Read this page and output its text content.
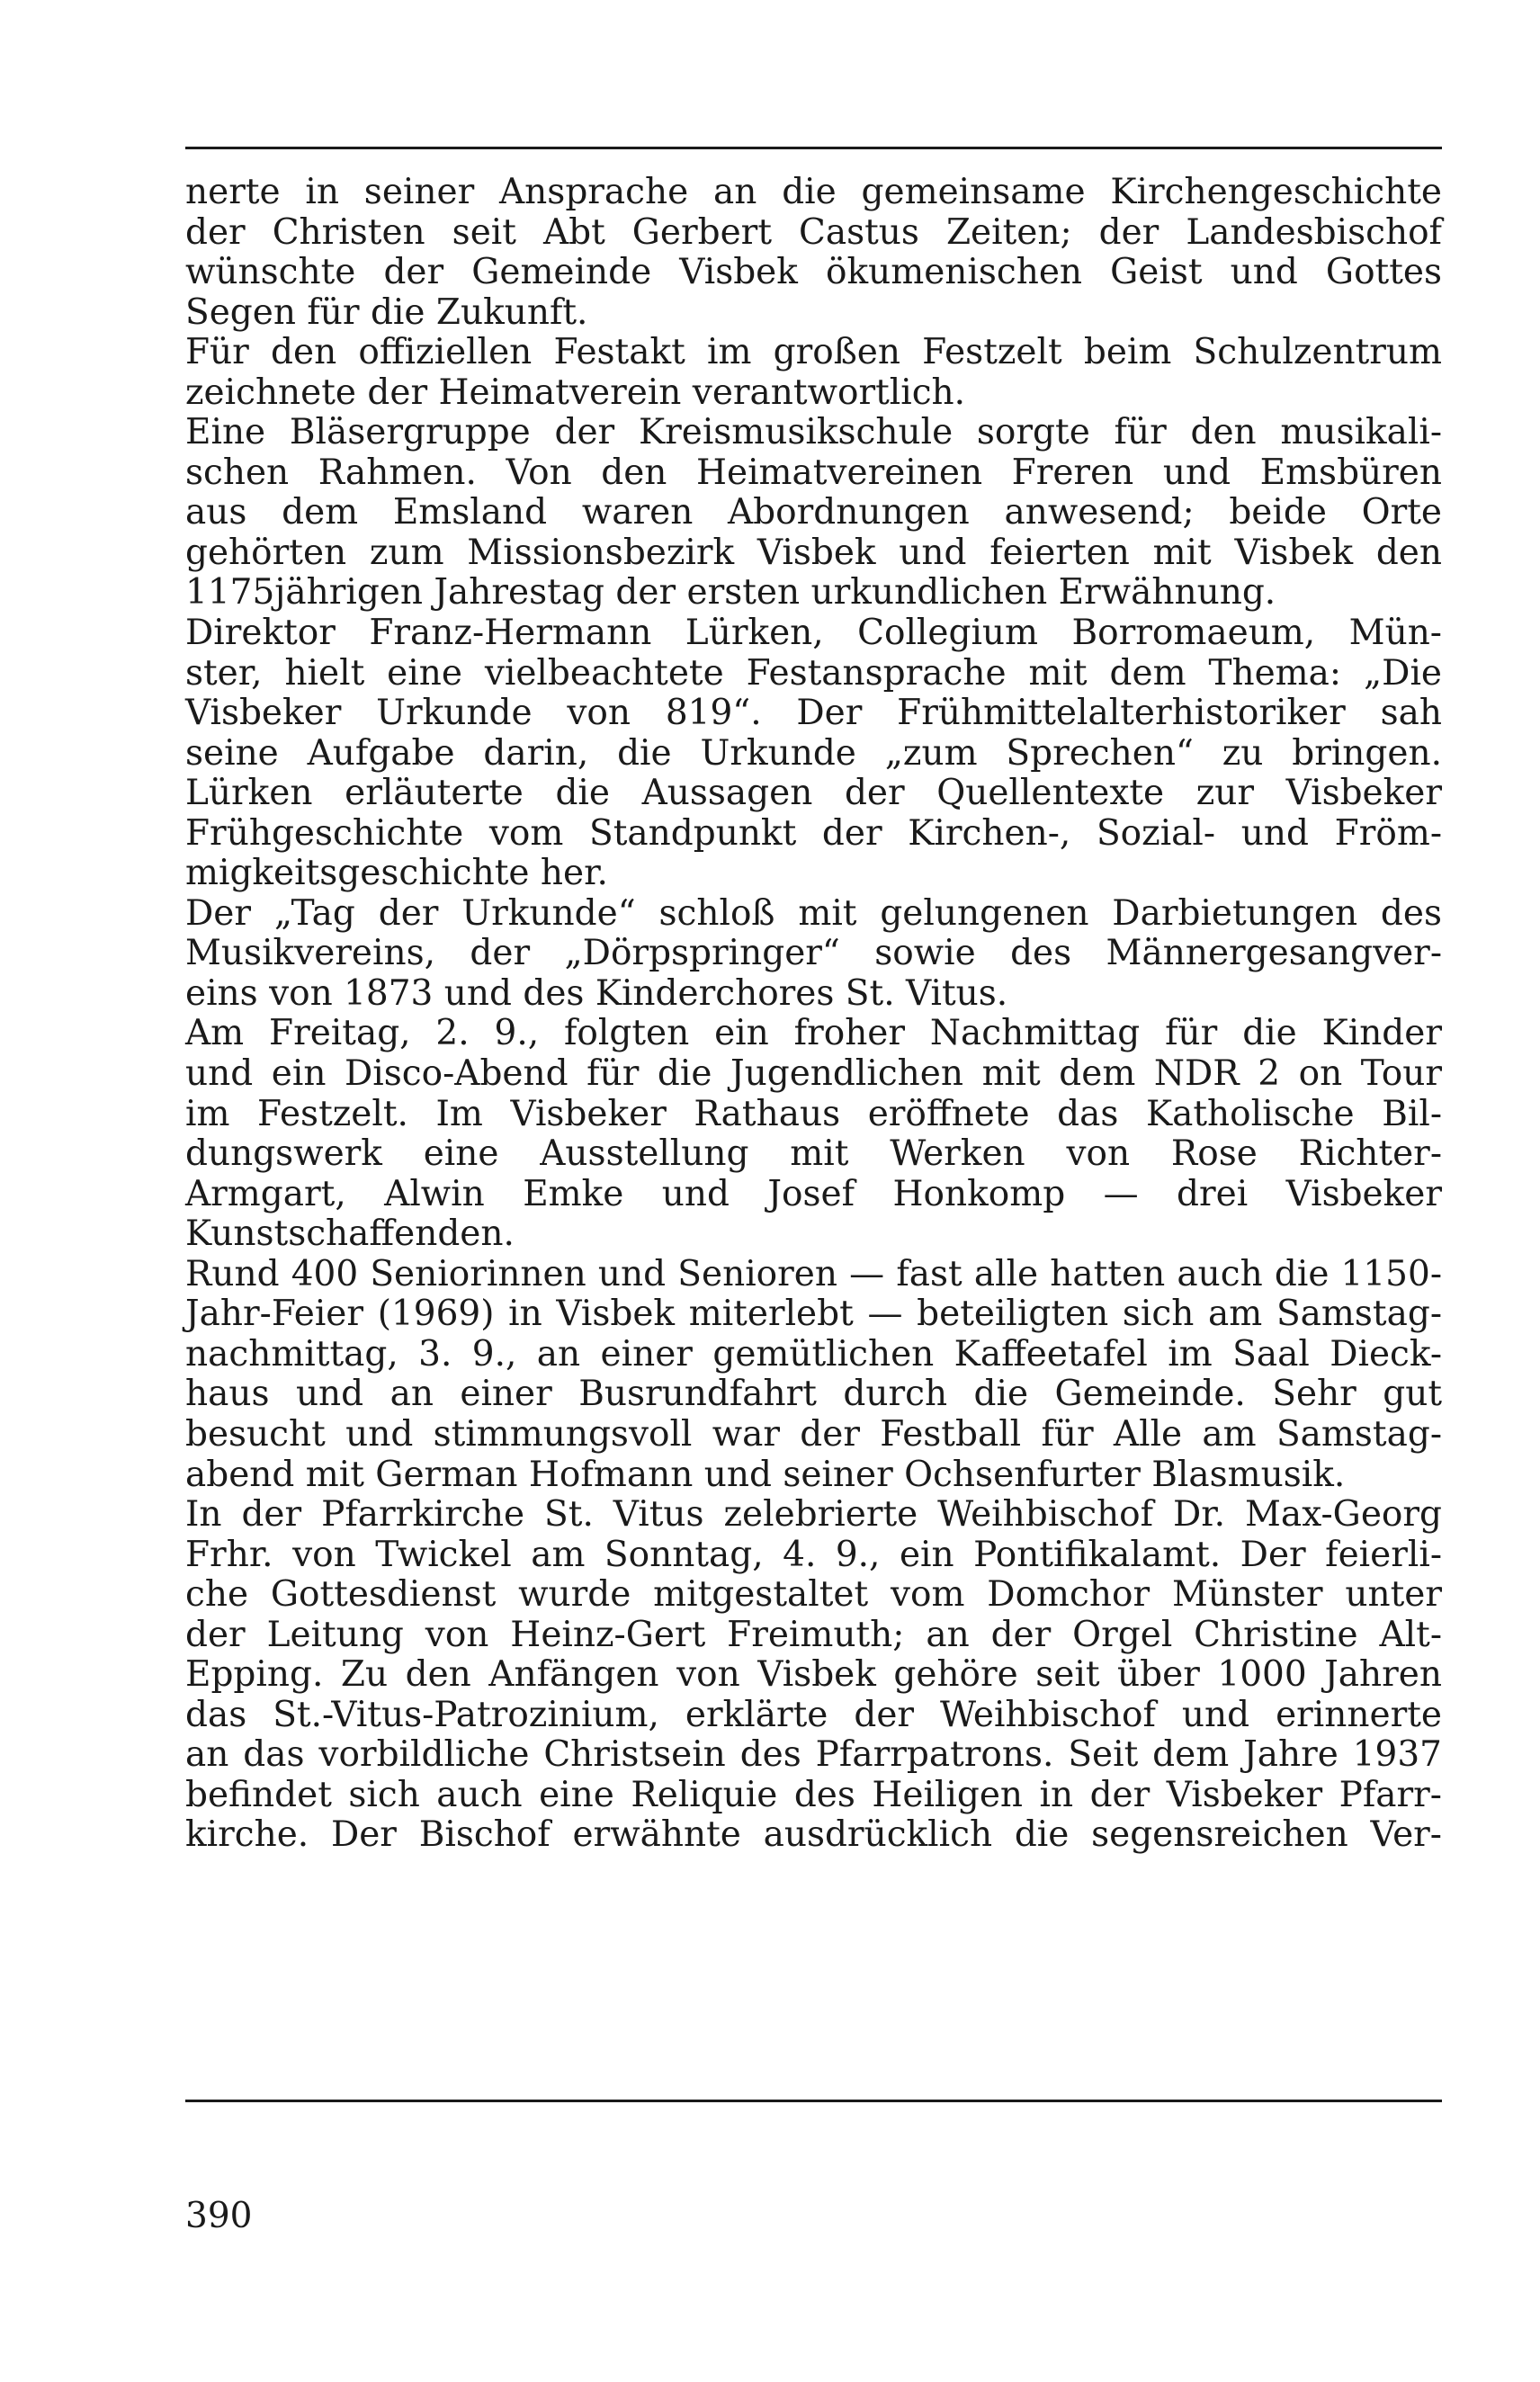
nerte in seiner Ansprache an die gemeinsame Kirchengeschichte
der Christen seit Abt Gerbert Castus Zeiten; der Landesbischof
wünschte der Gemeinde Visbek ökumenischen Geist und Gottes
Segen für die Zukunft.
Für den offiziellen Festakt im großen Festzelt beim Schulzentrum
zeichnete der Heimatverein verantwortlich.
Eine Bläsergruppe der Kreismusikschule sorgte für den musikali-
schen Rahmen. Von den Heimatvereinen Freren und Emsbüren
aus dem Emsland waren Abordnungen anwesend; beide Orte
gehörten zum Missionsbezirk Visbek und feierten mit Visbek den
1175jährigen Jahrestag der ersten urkundlichen Erwähnung.
Direktor Franz-Hermann Lürken, Collegium Borromaeum, Mün-
ster, hielt eine vielbeachtete Festansprache mit dem Thema: „Die
Visbeker Urkunde von 819“. Der Frühmittelalterhistoriker sah
seine Aufgabe darin, die Urkunde „zum Sprechen“ zu bringen.
Lürken erläuterte die Aussagen der Quellentexte zur Visbeker
Frühgeschichte vom Standpunkt der Kirchen-, Sozial- und Fröm-
migkeitsgeschichte her.
Der „Tag der Urkunde“ schloß mit gelungenen Darbietungen des
Musikvereins, der „Dörpspringer“ sowie des Männergesangver-
eins von 1873 und des Kinderchores St. Vitus.
Am Freitag, 2. 9., folgten ein froher Nachmittag für die Kinder
und ein Disco-Abend für die Jugendlichen mit dem NDR 2 on Tour
im Festzelt. Im Visbeker Rathaus eröffnete das Katholische Bil-
dungswerk eine Ausstellung mit Werken von Rose Richter-
Armgart, Alwin Emke und Josef Honkomp — drei Visbeker
Kunstschaffenden.
Rund 400 Seniorinnen und Senioren — fast alle hatten auch die 1150-
Jahr-Feier (1969) in Visbek miterlebt — beteiligten sich am Samstag-
nachmittag, 3. 9., an einer gemütlichen Kaffeetafel im Saal Dieck-
haus und an einer Busrundfahrt durch die Gemeinde. Sehr gut
besucht und stimmungsvoll war der Festball für Alle am Samstag-
abend mit German Hofmann und seiner Ochsenfurter Blasmusik.
In der Pfarrkirche St. Vitus zelebrierte Weihbischof Dr. Max-Georg
Frhr. von Twickel am Sonntag, 4. 9., ein Pontifikalamt. Der feierli-
che Gottesdienst wurde mitgestaltet vom Domchor Münster unter
der Leitung von Heinz-Gert Freimuth; an der Orgel Christine Alt-
Epping. Zu den Anfängen von Visbek gehöre seit über 1000 Jahren
das St.-Vitus-Patrozinium, erklärte der Weihbischof und erinnerte
an das vorbildliche Christsein des Pfarrpatrons. Seit dem Jahre 1937
befindet sich auch eine Reliquie des Heiligen in der Visbeker Pfarr-
kirche. Der Bischof erwähnte ausdrücklich die segensreichen Ver-
390
